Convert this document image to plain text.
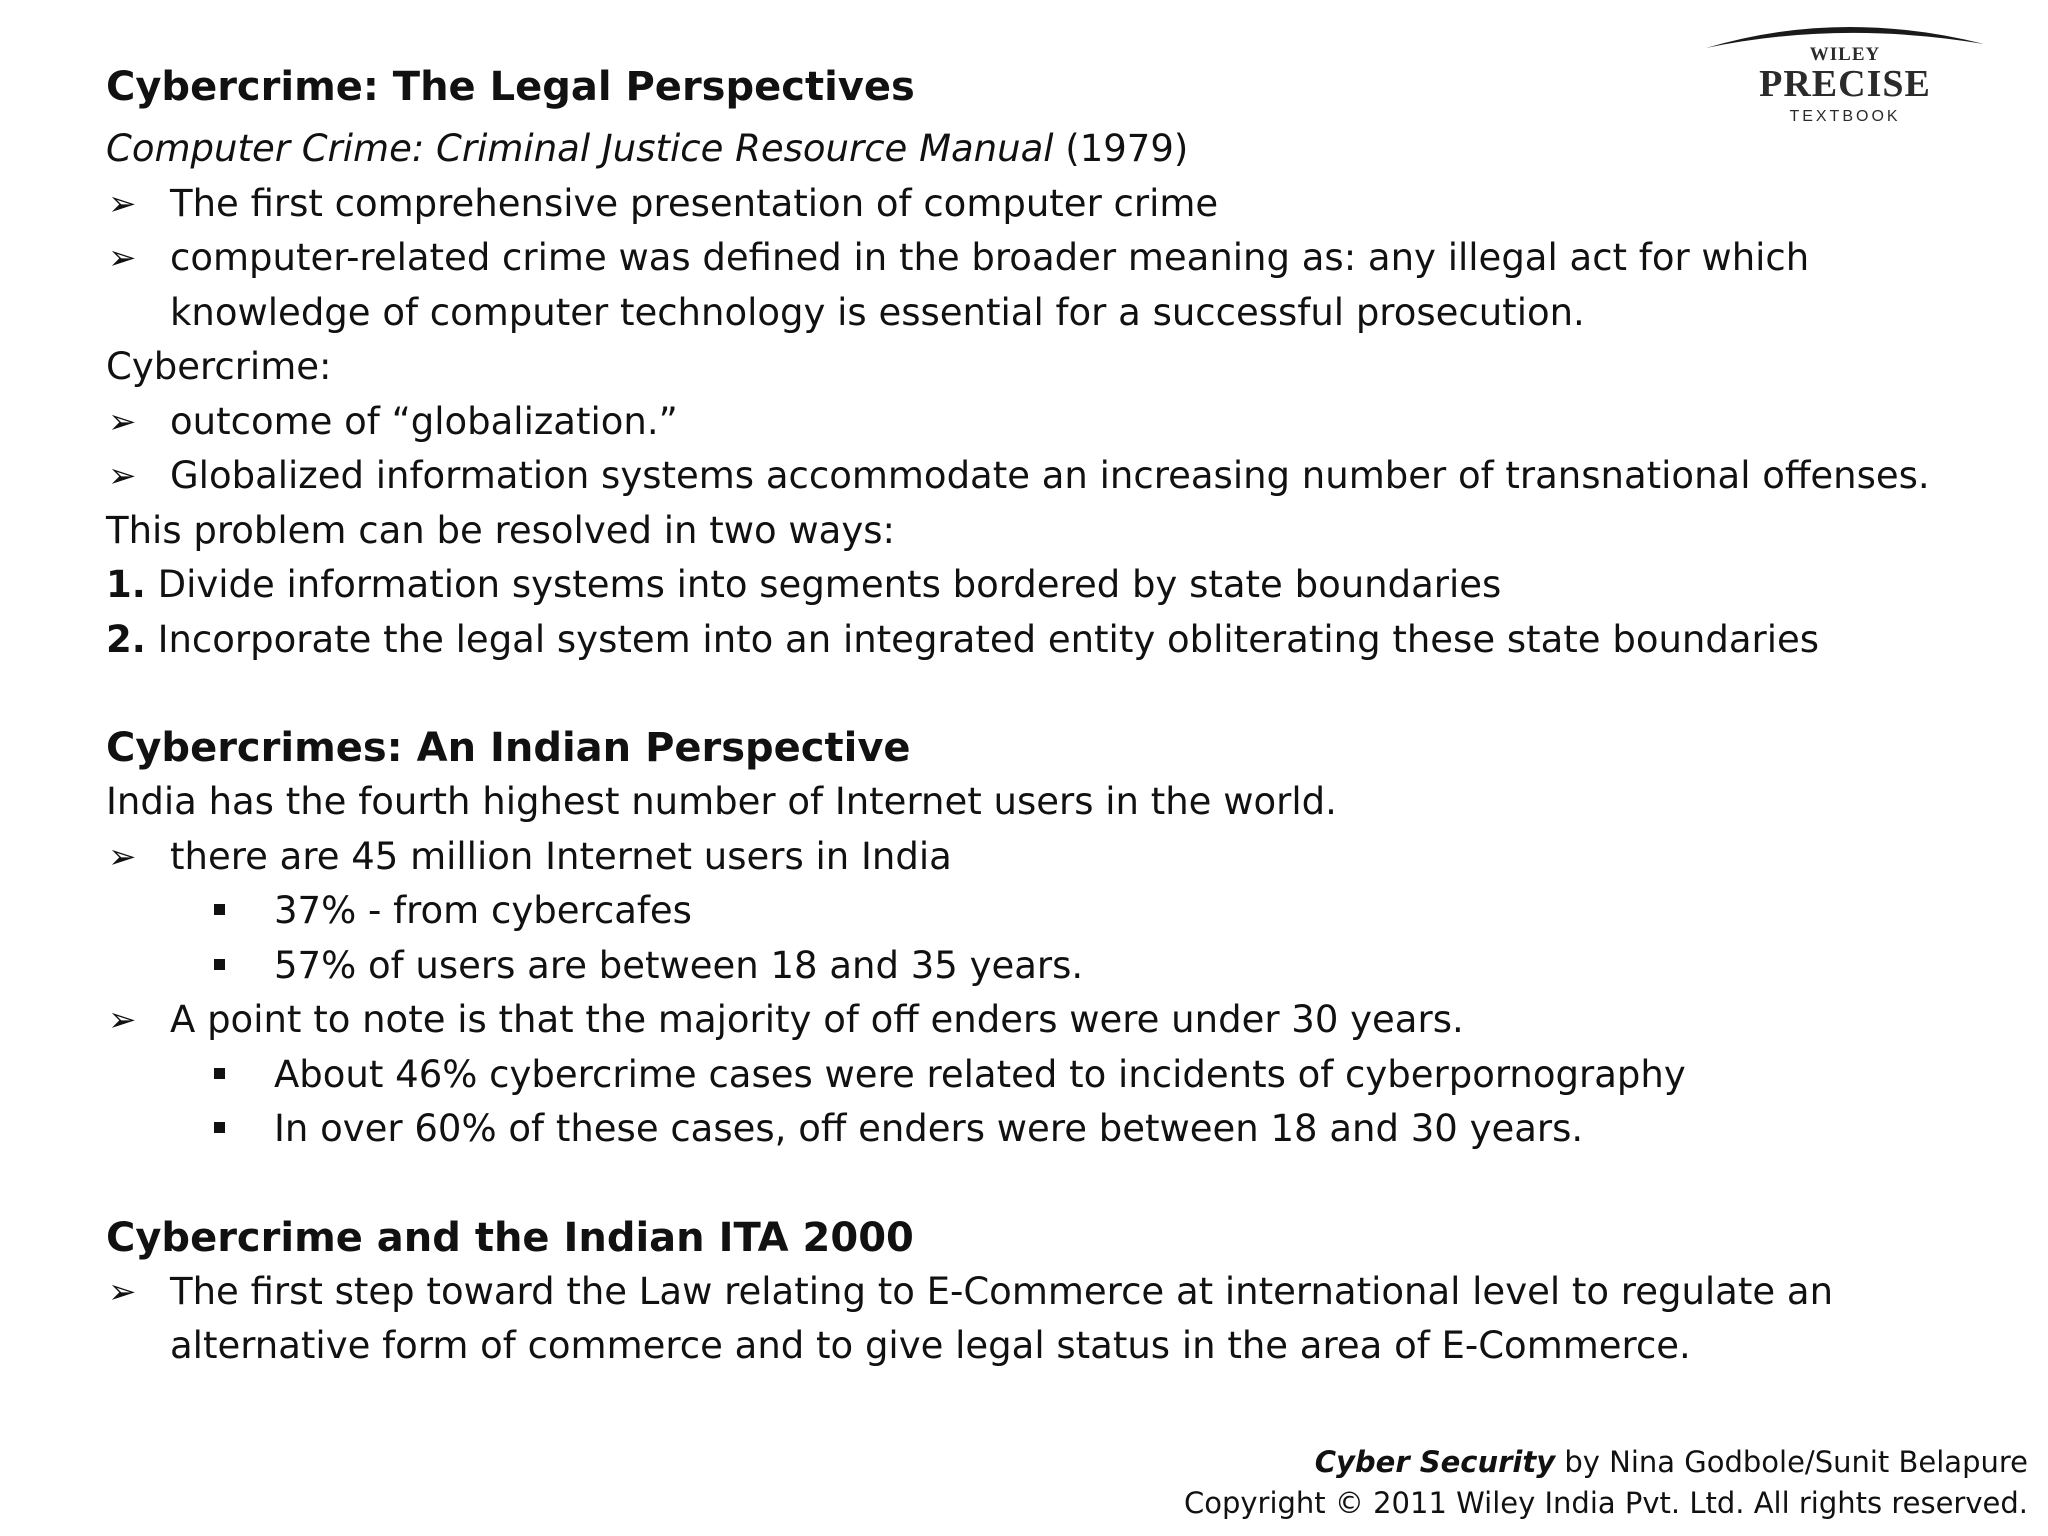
WILEY
PRECISE
TEXTBOOK
Cybercrime: The Legal Perspectives
Computer Crime: Criminal Justice Resource Manual (1979)
➢ The first comprehensive presentation of computer crime
➢ computer-related crime was defined in the broader meaning as: any illegal act for which
knowledge of computer technology is essential for a successful prosecution.
Cybercrime:
➢ outcome of “globalization.”
➢ Globalized information systems accommodate an increasing number of transnational offenses.
This problem can be resolved in two ways:
1. Divide information systems into segments bordered by state boundaries
2. Incorporate the legal system into an integrated entity obliterating these state boundaries
Cybercrimes: An Indian Perspective
India has the fourth highest number of Internet users in the world.
➢ there are 45 million Internet users in India
37% - from cybercafes
57% of users are between 18 and 35 years.
➢ A point to note is that the majority of off enders were under 30 years.
About 46% cybercrime cases were related to incidents of cyberpornography
In over 60% of these cases, off enders were between 18 and 30 years.
Cybercrime and the Indian ITA 2000
➢ The first step toward the Law relating to E-Commerce at international level to regulate an
alternative form of commerce and to give legal status in the area of E-Commerce.
Cyber Security by Nina Godbole/Sunit Belapure
Copyright © 2011 Wiley India Pvt. Ltd. All rights reserved.
